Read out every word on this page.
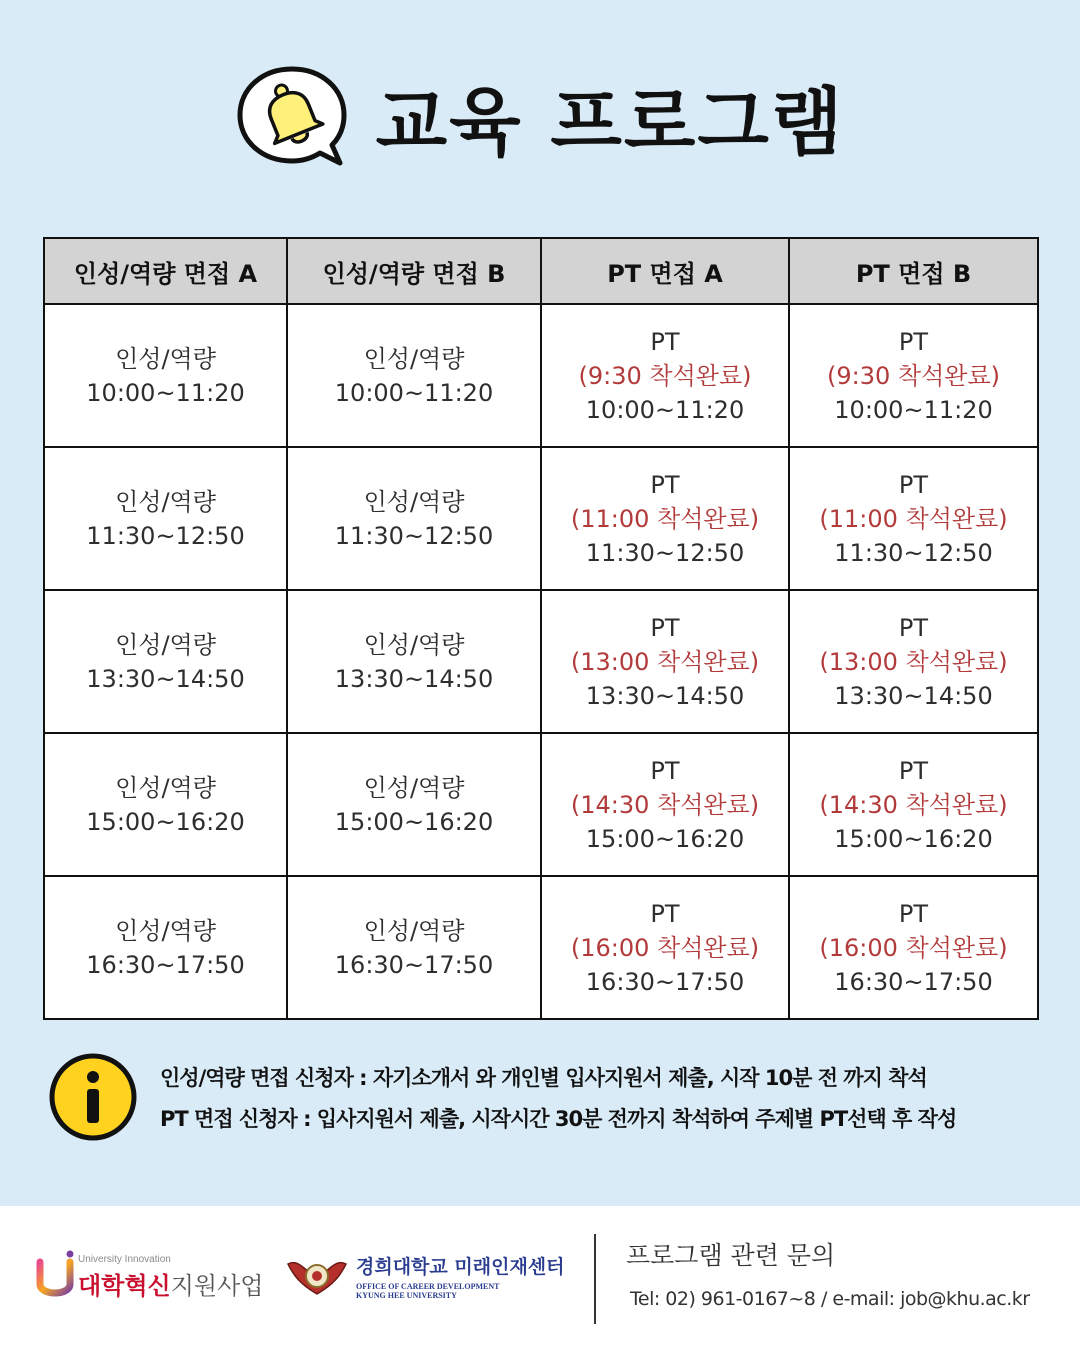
교육 프로그램
인성/역량 면접 A	인성/역량 면접 B	PT 면접 A	PT 면접 B

인성/역량
10:00~11:20	인성/역량
10:00~11:20	PT
(9:30 착석완료)
10:00~11:20	PT
(9:30 착석완료)
10:00~11:20

인성/역량
11:30~12:50	인성/역량
11:30~12:50	PT
(11:00 착석완료)
11:30~12:50	PT
(11:00 착석완료)
11:30~12:50

인성/역량
13:30~14:50	인성/역량
13:30~14:50	PT
(13:00 착석완료)
13:30~14:50	PT
(13:00 착석완료)
13:30~14:50

인성/역량
15:00~16:20	인성/역량
15:00~16:20	PT
(14:30 착석완료)
15:00~16:20	PT
(14:30 착석완료)
15:00~16:20

인성/역량
16:30~17:50	인성/역량
16:30~17:50	PT
(16:00 착석완료)
16:30~17:50	PT
(16:00 착석완료)
16:30~17:50
인성/역량 면접 신청자 : 자기소개서 와 개인별 입사지원서 제출, 시작 10분 전 까지 착석
PT 면접 신청자 : 입사지원서 제출, 시작시간 30분 전까지 착석하여 주제별 PT선택 후 작성
University Innovation
대학혁신지원사업
경희대학교 미래인재센터
OFFICE OF CAREER DEVELOPMENT
KYUNG HEE UNIVERSITY
프로그램 관련 문의
Tel: 02) 961-0167~8 / e-mail: job@khu.ac.kr
